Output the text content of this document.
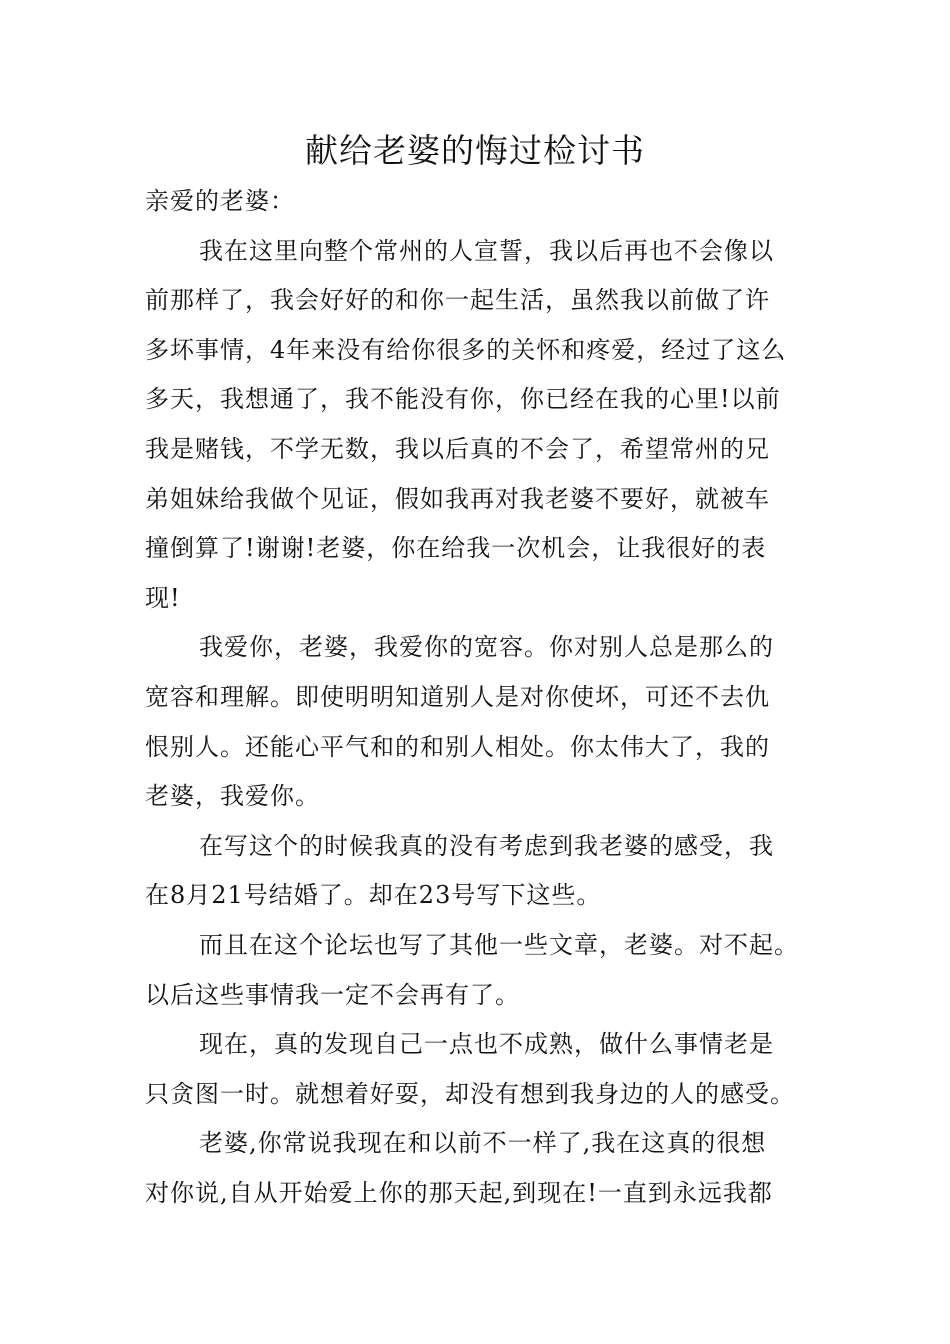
献给老婆的悔过检讨书
亲爱的老婆：
我在这里向整个常州的人宣誓，我以后再也不会像以
前那样了，我会好好的和你一起生活，虽然我以前做了许
多坏事情，4年来没有给你很多的关怀和疼爱，经过了这么
多天，我想通了，我不能没有你，你已经在我的心里!以前
我是赌钱，不学无数，我以后真的不会了，希望常州的兄
弟姐妹给我做个见证，假如我再对我老婆不要好，就被车
撞倒算了!谢谢!老婆，你在给我一次机会，让我很好的表
现!
我爱你，老婆，我爱你的宽容。你对别人总是那么的
宽容和理解。即使明明知道别人是对你使坏，可还不去仇
恨别人。还能心平气和的和别人相处。你太伟大了，我的
老婆，我爱你。
在写这个的时候我真的没有考虑到我老婆的感受，我
在8月21号结婚了。却在23号写下这些。
而且在这个论坛也写了其他一些文章，老婆。对不起。
以后这些事情我一定不会再有了。
现在，真的发现自己一点也不成熟，做什么事情老是
只贪图一时。就想着好耍，却没有想到我身边的人的感受。
老婆,你常说我现在和以前不一样了,我在这真的很想
对你说,自从开始爱上你的那天起,到现在!一直到永远我都
